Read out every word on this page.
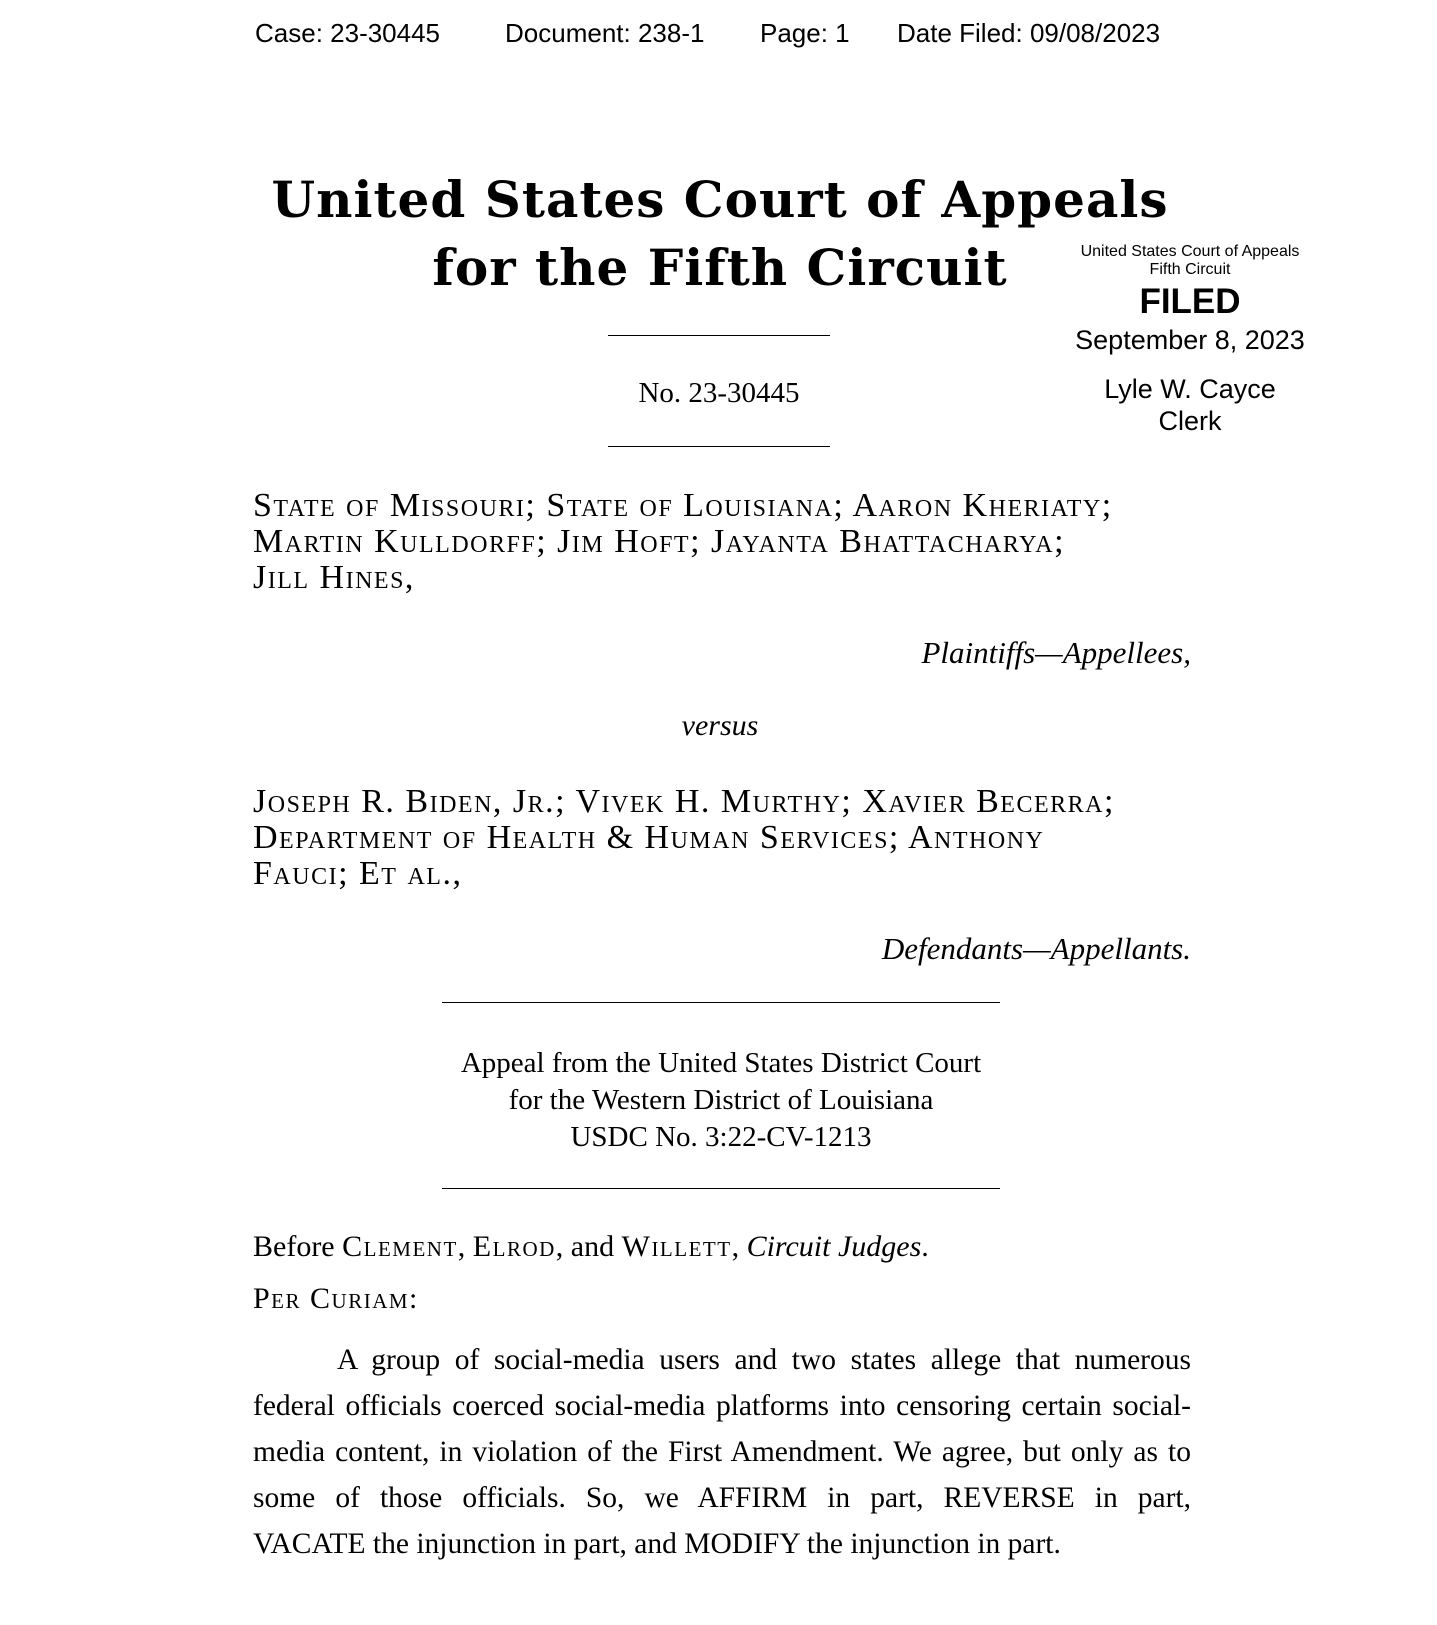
Case: 23-30445 Document: 238-1 Page: 1 Date Filed: 09/08/2023
United States Court of Appeals
for the Fifth Circuit	United States Court of Appeals
Fifth Circuit
FILED
September 8, 2023
Lyle W. Cayce
Clerk
No. 23-30445
State of Missouri; State of Louisiana; Aaron Kheriaty;
Martin Kulldorff; Jim Hoft; Jayanta Bhattacharya;
Jill Hines,
Plaintiffs—Appellees,
versus
Joseph R. Biden, Jr.; Vivek H. Murthy; Xavier Becerra;
Department of Health & Human Services; Anthony
Fauci; Et al.,
Defendants—Appellants.
Appeal from the United States District Court
for the Western District of Louisiana
USDC No. 3:22-CV-1213
Before Clement, Elrod, and Willett, Circuit Judges.
Per Curiam:

A group of social-media users and two states allege that numerous

federal officials coerced social-media platforms into censoring certain social-

media content, in violation of the First Amendment. We agree, but only as to

some of those officials. So, we AFFIRM in part, REVERSE in part,

VACATE the injunction in part, and MODIFY the injunction in part.
